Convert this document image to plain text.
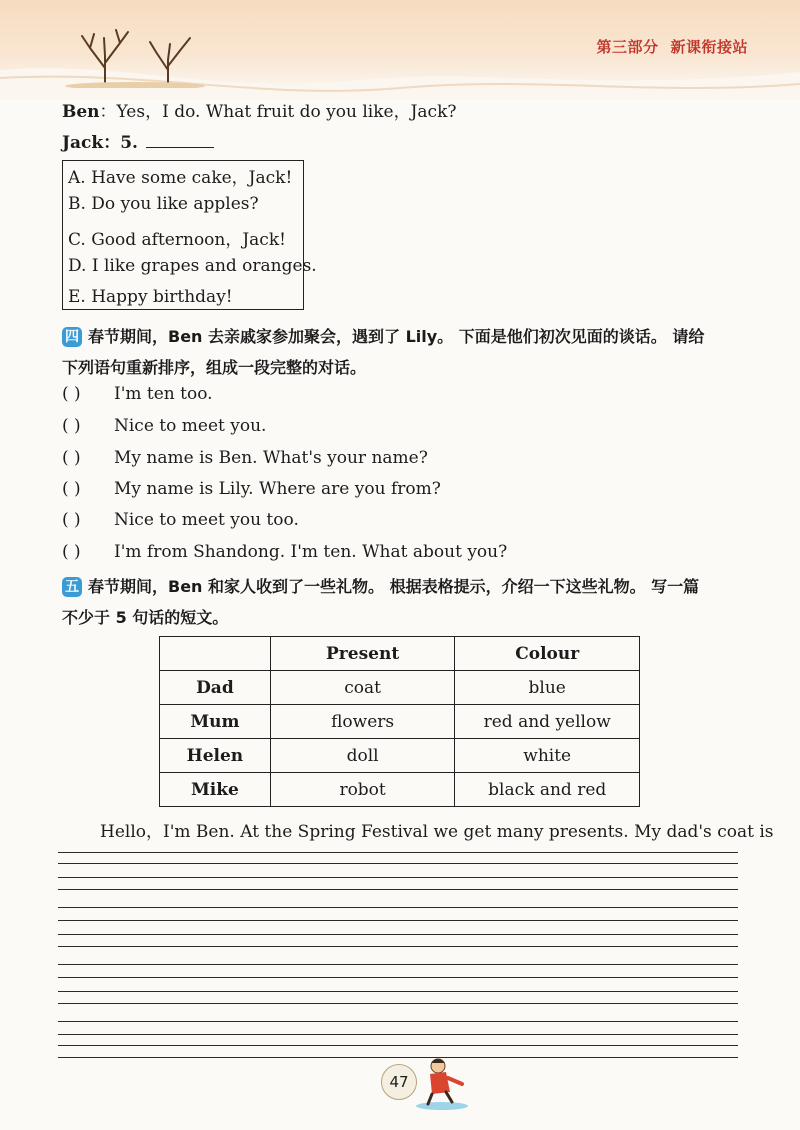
第三部分 新课衔接站
Ben：Yes，I do. What fruit do you like，Jack?
Jack：5.
A. Have some cake，Jack!
B. Do you like apples?
C. Good afternoon，Jack!
D. I like grapes and oranges.
E. Happy birthday!
四 春节期间，Ben 去亲戚家参加聚会，遇到了 Lily。 下面是他们初次见面的谈话。 请给
下列语句重新排序，组成一段完整的对话。
( ) I'm ten too.
( ) Nice to meet you.
( ) My name is Ben. What's your name?
( ) My name is Lily. Where are you from?
( ) Nice to meet you too.
( ) I'm from Shandong. I'm ten. What about you?
五 春节期间，Ben 和家人收到了一些礼物。 根据表格提示，介绍一下这些礼物。 写一篇
不少于 5 句话的短文。
	Present	Colour
Dad	coat	blue
Mum	flowers	red and yellow
Helen	doll	white
Mike	robot	black and red
Hello，I'm Ben. At the Spring Festival we get many presents. My dad's coat is
47
